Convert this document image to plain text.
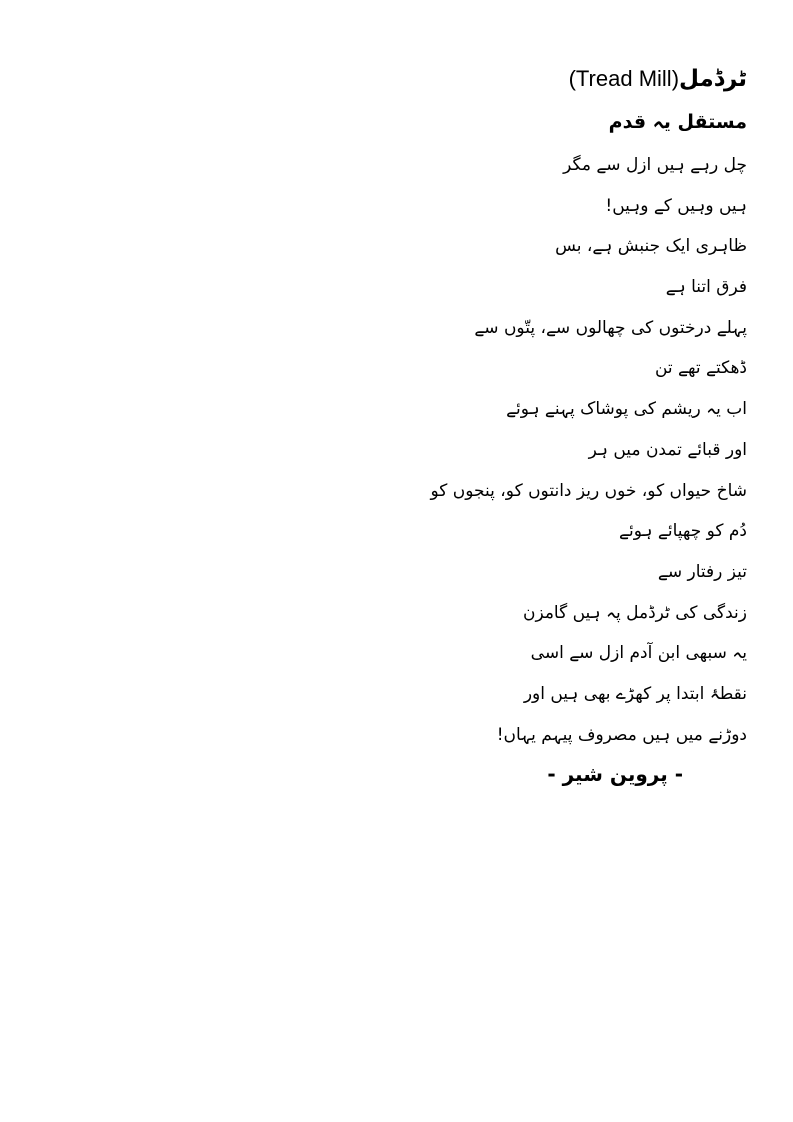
ٹرڈمل(Tread Mill)
مستقل یہ قدم
چل رہے ہیں ازل سے مگر
ہیں وہیں کے وہیں!
ظاہری ایک جنبش ہے، بس
فرق اتنا ہے
پہلے درختوں کی چھالوں سے، پتّوں سے
ڈھکتے تھے تن
اب یہ ریشم کی پوشاک پہنے ہوئے
اور قبائے تمدن میں ہر
شاخ حیواں کو، خوں ریز دانتوں کو، پنجوں کو
دُم کو چھپائے ہوئے
تیز رفتار سے
زندگی کی ٹرڈمل پہ ہیں گامزن
یہ سبھی ابن آدم ازل سے اسی
نقطۂ ابتدا پر کھڑے بھی ہیں اور
دوڑنے میں ہیں مصروف پیہم یہاں!
- پروین شیر -
